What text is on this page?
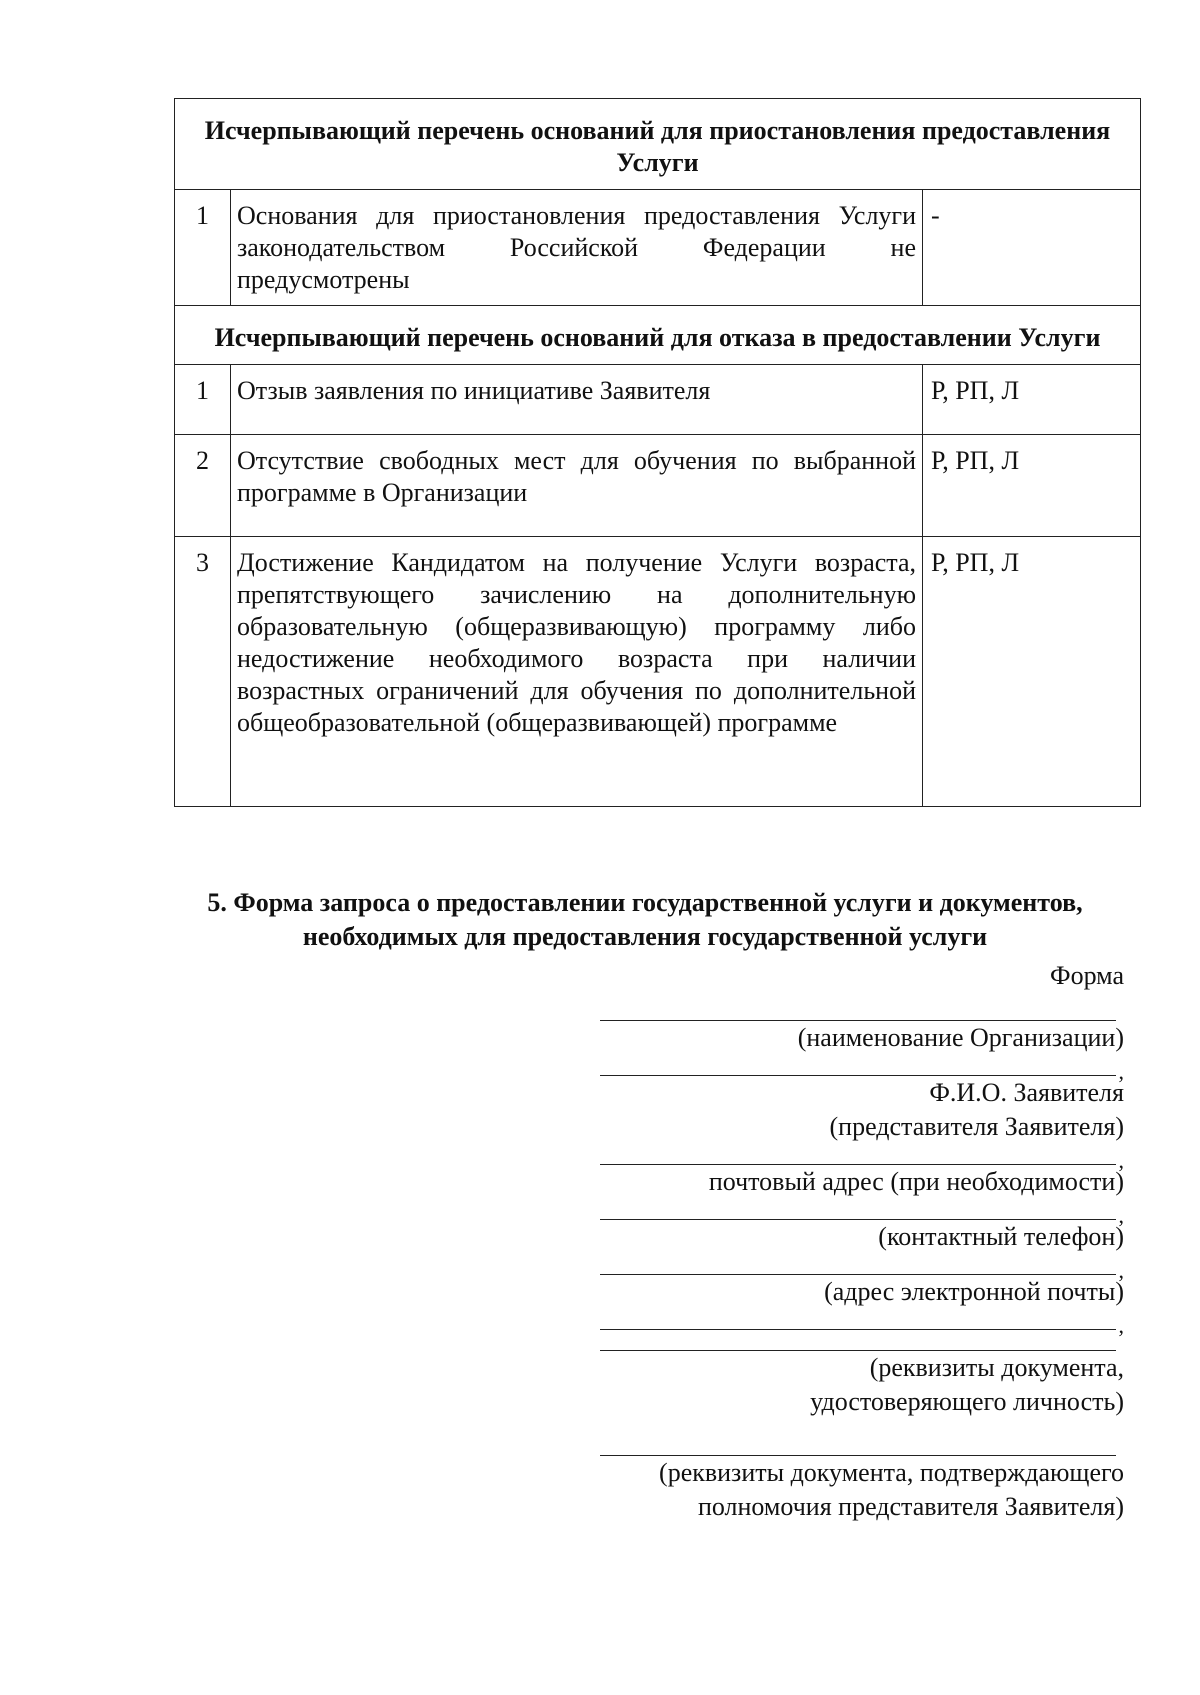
Исчерпывающий перечень оснований для приостановления предоставления Услуги		
1	Основания для приостановления предоставления Услуги законодательством Российской Федерации не предусмотрены	-
Исчерпывающий перечень оснований для отказа в предоставлении Услуги		
1	Отзыв заявления по инициативе Заявителя	Р, РП, Л
2	Отсутствие свободных мест для обучения по выбранной программе в Организации	Р, РП, Л
3	Достижение Кандидатом на получение Услуги возраста, препятствующего зачислению на дополнительную образовательную (общеразвивающую) программу либо недостижение необходимого возраста при наличии возрастных ограничений для обучения по дополнительной общеобразовательной (общеразвивающей) программе	Р, РП, Л
5. Форма запроса о предоставлении государственной услуги и документов,
необходимых для предоставления государственной услуги
Форма

(наименование Организации)

,

Ф.И.О. Заявителя

(представителя Заявителя)

,

почтовый адрес (при необходимости)

,

(контактный телефон)

,

(адрес электронной почты)

,

(реквизиты документа,

удостоверяющего личность)

(реквизиты документа, подтверждающего

полномочия представителя Заявителя)
